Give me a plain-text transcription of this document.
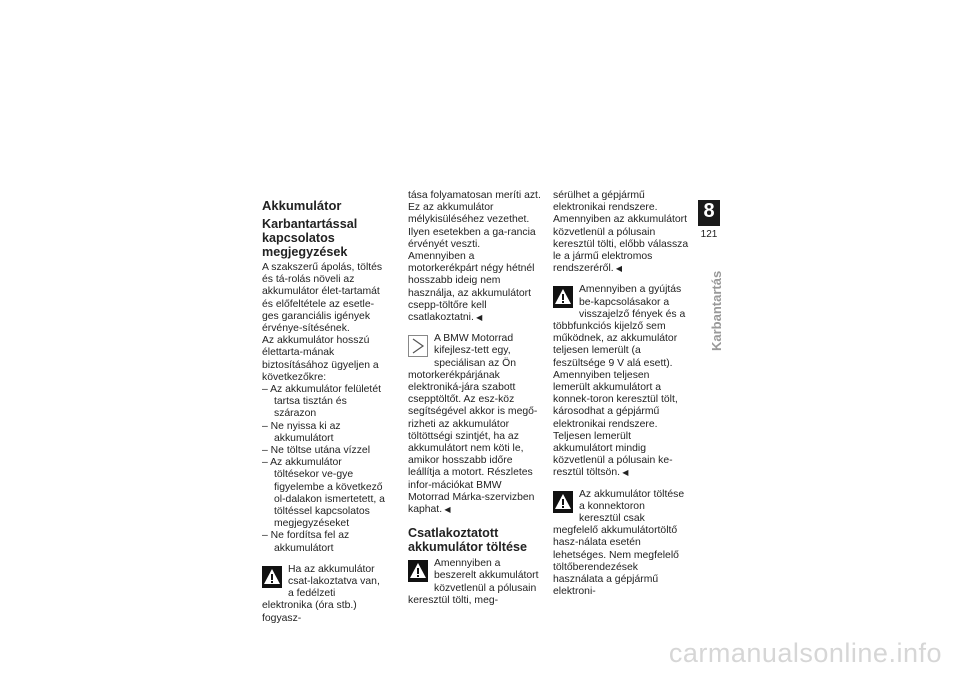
Akkumulátor
Karbantartással kapcsolatos megjegyzések

A szakszerű ápolás, töltés és tá-rolás növeli az akkumulátor élet-tartamát és előfeltétele az esetle-ges garanciális igények érvénye-sítésének.

Az akkumulátor hosszú élettarta-mának biztosításához ügyeljen a következőkre:

– Az akkumulátor felületét tartsa tisztán és szárazon
– Ne nyissa ki az akkumulátort
– Ne töltse utána vízzel
– Az akkumulátor töltésekor ve-gye figyelembe a következő ol-dalakon ismertetett, a töltéssel kapcsolatos megjegyzéseket
– Ne fordítsa fel az akkumulátort

Ha az akkumulátor csat-lakoztatva van, a fedélzeti elektronika (óra stb.) fogyasz-

tása folyamatosan meríti azt. Ez az akkumulátor mélykisüléséhez vezethet. Ilyen esetekben a ga-rancia érvényét veszti.

Amennyiben a motorkerékpárt négy hétnél hosszabb ideig nem használja, az akkumulátort csepp-töltőre kell csatlakoztatni. ◀

A BMW Motorrad kifejlesz-tett egy, speciálisan az Ön motorkerékpárjának elektroniká-jára szabott csepptöltőt. Az esz-köz segítségével akkor is megő-rizheti az akkumulátor töltöttségi szintjét, ha az akkumulátort nem köti le, amikor hosszabb időre leállítja a motort. Részletes infor-mációkat BMW Motorrad Márka-szervizben kaphat. ◀

Csatlakoztatott akkumulátor töltése

Amennyiben a beszerelt akkumulátort közvetlenül a pólusain keresztül tölti, meg-

sérülhet a gépjármű elektronikai rendszere.

Amennyiben az akkumulátort közvetlenül a pólusain keresztül tölti, előbb válassza le a jármű elektromos rendszeréről. ◀

Amennyiben a gyújtás be-kapcsolásakor a visszajelző fények és a többfunkciós kijelző sem működnek, az akkumulátor teljesen lemerült (a feszültsége 9 V alá esett). Amennyiben teljesen lemerült akkumulátort a konnek-toron keresztül tölt, károsodhat a gépjármű elektronikai rendszere. Teljesen lemerült akkumulátort mindig közvetlenül a pólusain ke-resztül töltsön. ◀

Az akkumulátor töltése a konnektoron keresztül csak megfelelő akkumulátortöltő hasz-nálata esetén lehetséges. Nem megfelelő töltőberendezések használata a gépjármű elektroni-

8
121
Karbantartás
carmanualsonline.info
